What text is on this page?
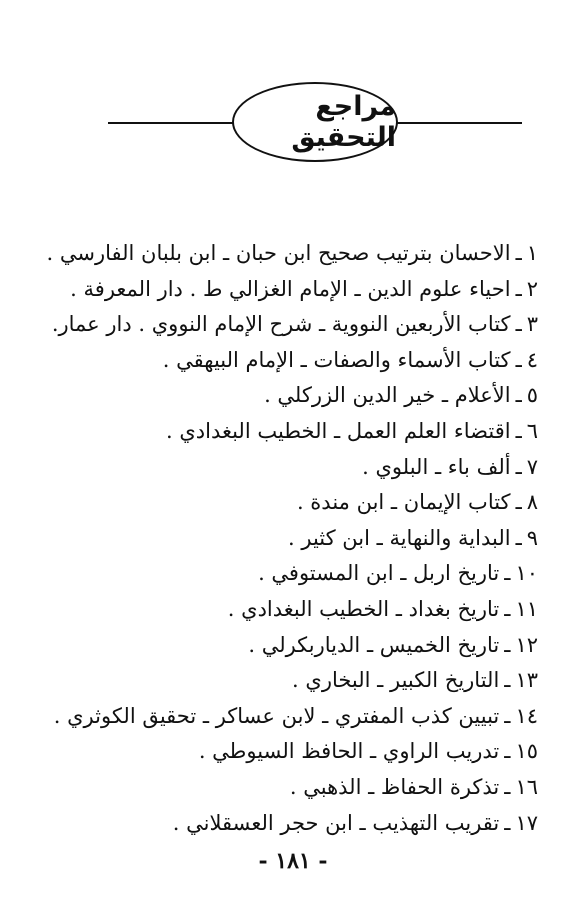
مراجع التحقيق
١ـالاحسان بترتيب صحيح ابن حبان ـ ابن بلبان الفارسي .
٢ـاحياء علوم الدين ـ الإمام الغزالي ط . دار المعرفة .
٣ـكتاب الأربعين النووية ـ شرح الإمام النووي . دار عمار.
٤ـكتاب الأسماء والصفات ـ الإمام البيهقي .
٥ـالأعلام ـ خير الدين الزركلي .
٦ـاقتضاء العلم العمل ـ الخطيب البغدادي .
٧ـألف باء ـ البلوي .
٨ـكتاب الإيمان ـ ابن مندة .
٩ـالبداية والنهاية ـ ابن كثير .
١٠ـتاريخ اربل ـ ابن المستوفي .
١١ـتاريخ بغداد ـ الخطيب البغدادي .
١٢ـتاريخ الخميس ـ الدياربكرلي .
١٣ـالتاريخ الكبير ـ البخاري .
١٤ـتبيين كذب المفتري ـ لابن عساكر ـ تحقيق الكوثري .
١٥ـتدريب الراوي ـ الحافظ السيوطي .
١٦ـتذكرة الحفاظ ـ الذهبي .
١٧ـتقريب التهذيب ـ ابن حجر العسقلاني .
- ١٨١ -
